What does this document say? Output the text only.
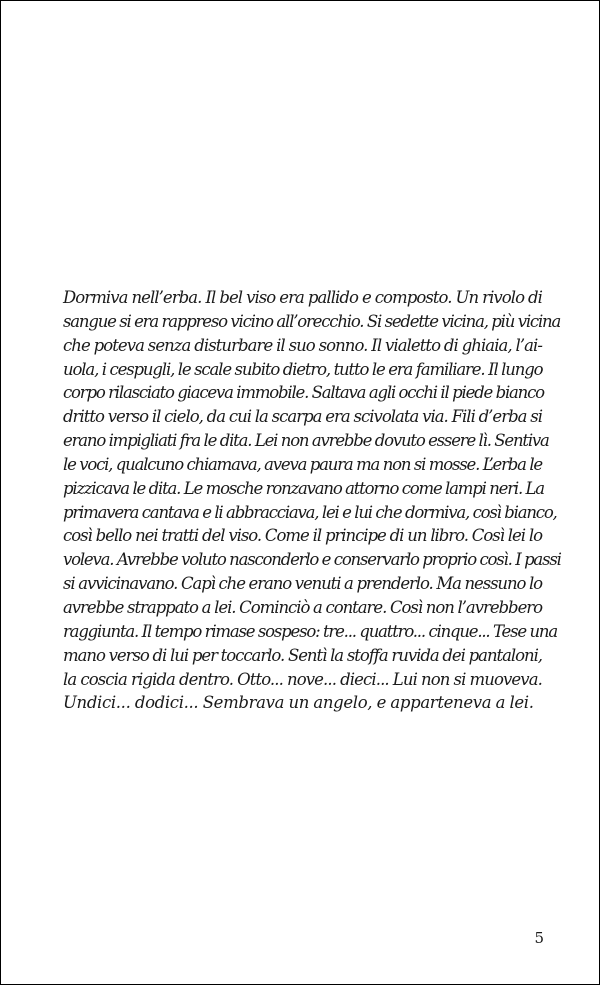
Dormiva nell’erba. Il bel viso era pallido e composto. Un rivolo di
sangue si era rappreso vicino all’orecchio. Si sedette vicina, più vicina
che poteva senza disturbare il suo sonno. Il vialetto di ghiaia, l’ai-
uola, i cespugli, le scale subito dietro, tutto le era familiare. Il lungo
corpo rilasciato giaceva immobile. Saltava agli occhi il piede bianco
dritto verso il cielo, da cui la scarpa era scivolata via. Fili d’erba si
erano impigliati fra le dita. Lei non avrebbe dovuto essere lì. Sentiva
le voci, qualcuno chiamava, aveva paura ma non si mosse. L’erba le
pizzicava le dita. Le mosche ronzavano attorno come lampi neri. La
primavera cantava e li abbracciava, lei e lui che dormiva, così bianco,
così bello nei tratti del viso. Come il principe di un libro. Così lei lo
voleva. Avrebbe voluto nasconderlo e conservarlo proprio così. I passi
si avvicinavano. Capì che erano venuti a prenderlo. Ma nessuno lo
avrebbe strappato a lei. Cominciò a contare. Così non l’avrebbero
raggiunta. Il tempo rimase sospeso: tre... quattro... cinque... Tese una
mano verso di lui per toccarlo. Sentì la stoffa ruvida dei pantaloni,
la coscia rigida dentro. Otto... nove... dieci... Lui non si muoveva.
Undici... dodici... Sembrava un angelo, e apparteneva a lei.
5
